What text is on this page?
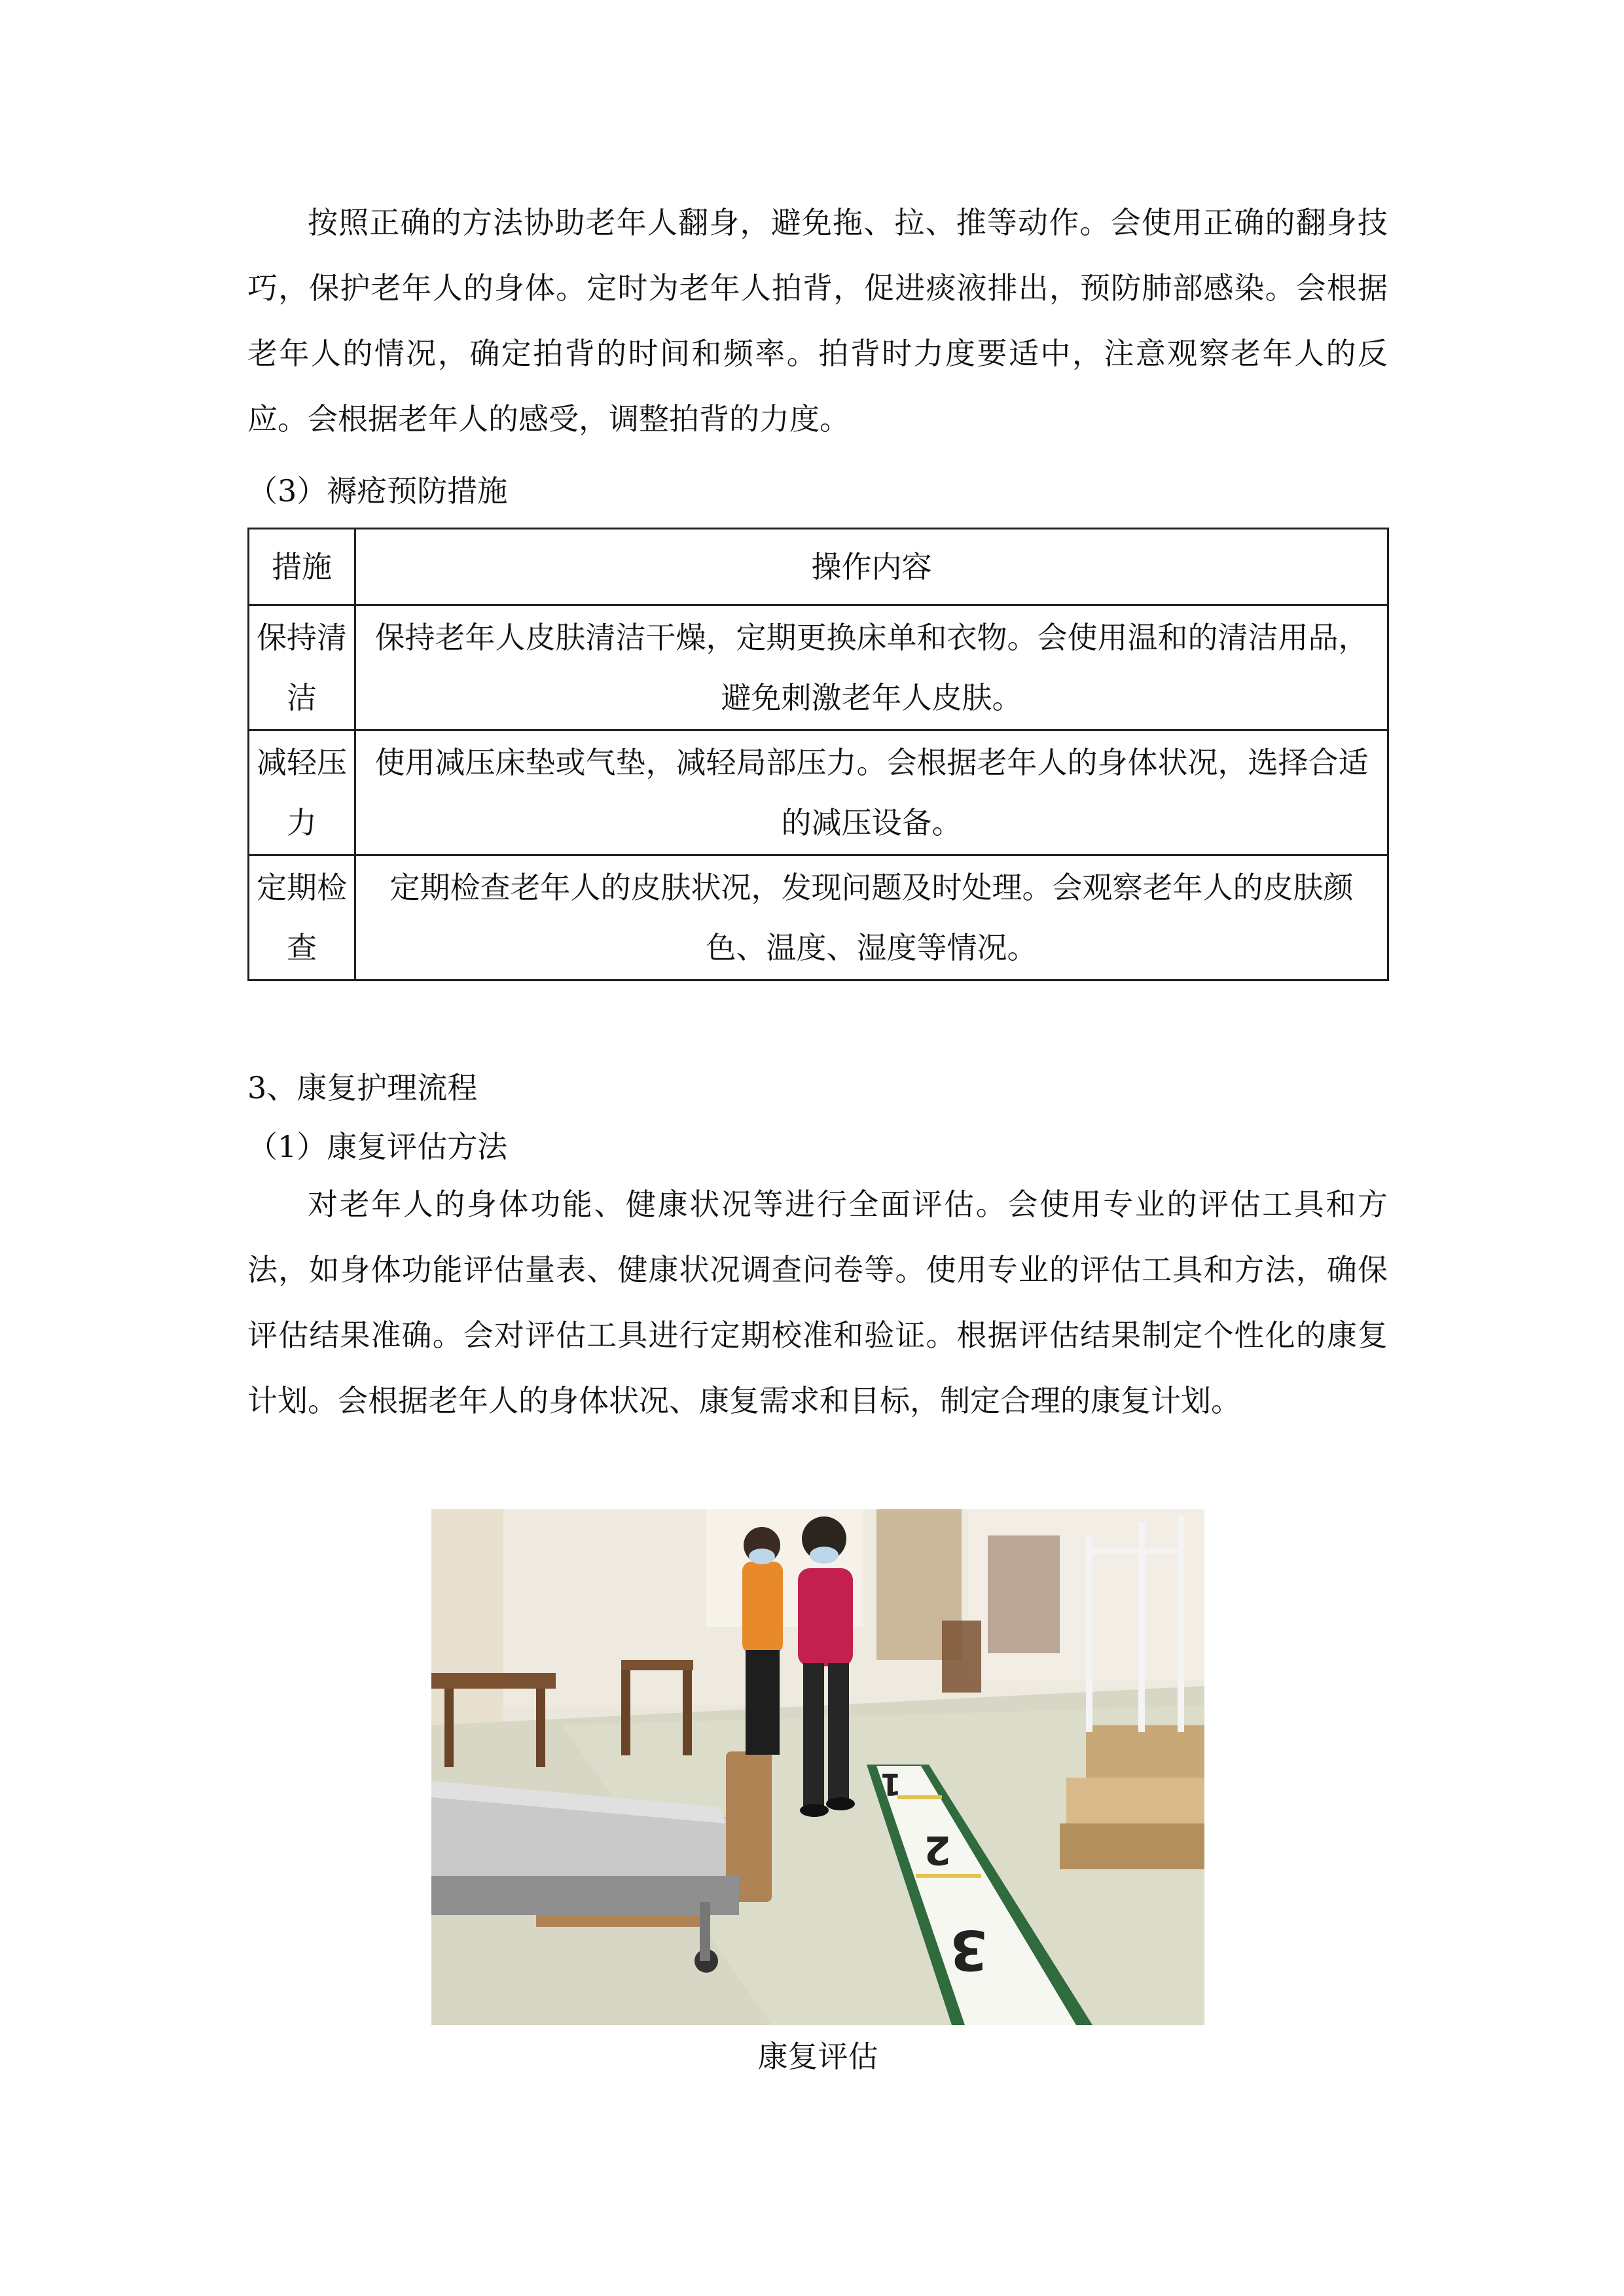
按照正确的方法协助老年人翻身，避免拖、拉、推等动作。会使用正确的翻身技巧，保护老年人的身体。定时为老年人拍背，促进痰液排出，预防肺部感染。会根据老年人的情况，确定拍背的时间和频率。拍背时力度要适中，注意观察老年人的反应。会根据老年人的感受，调整拍背的力度。

（3）褥疮预防措施

措施	操作内容
保持清洁	保持老年人皮肤清洁干燥，定期更换床单和衣物。会使用温和的清洁用品，避免刺激老年人皮肤。
减轻压力	使用减压床垫或气垫，减轻局部压力。会根据老年人的身体状况，选择合适的减压设备。
定期检查	定期检查老年人的皮肤状况，发现问题及时处理。会观察老年人的皮肤颜色、温度、湿度等情况。

3、康复护理流程

（1）康复评估方法

对老年人的身体功能、健康状况等进行全面评估。会使用专业的评估工具和方法，如身体功能评估量表、健康状况调查问卷等。使用专业的评估工具和方法，确保评估结果准确。会对评估工具进行定期校准和验证。根据评估结果制定个性化的康复计划。会根据老年人的身体状况、康复需求和目标，制定合理的康复计划。

1
2
3

康复评估
